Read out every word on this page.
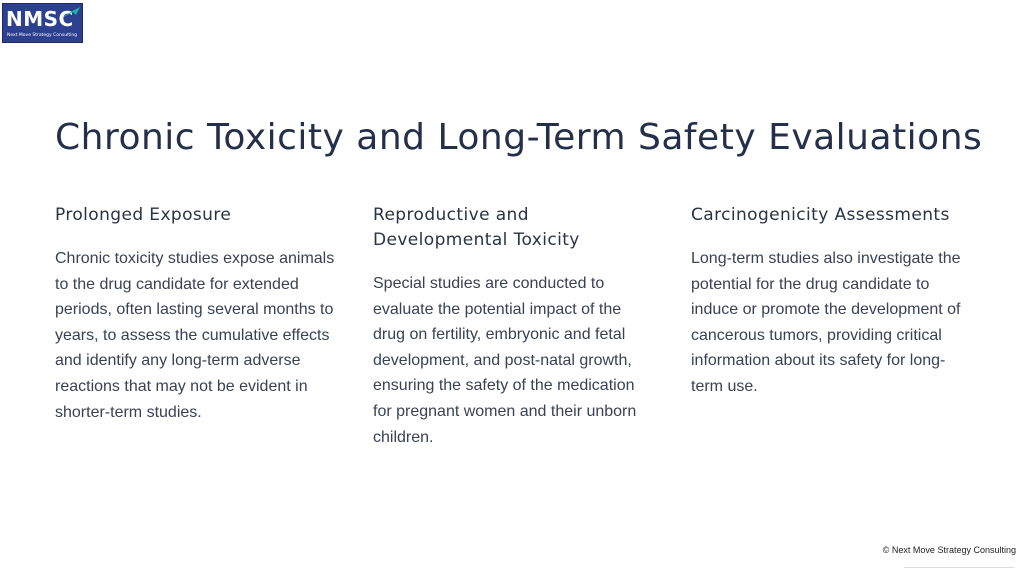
NMSC
Next Move Strategy Consulting
Chronic Toxicity and Long-Term Safety Evaluations
Prolonged Exposure

Chronic toxicity studies expose animals to the drug candidate for extended periods, often lasting several months to years, to assess the cumulative effects and identify any long-term adverse reactions that may not be evident in shorter-term studies.

Reproductive and Developmental Toxicity

Special studies are conducted to evaluate the potential impact of the drug on fertility, embryonic and fetal development, and post-natal growth, ensuring the safety of the medication for pregnant women and their unborn children.

Carcinogenicity Assessments

Long-term studies also investigate the potential for the drug candidate to induce or promote the development of cancerous tumors, providing critical information about its safety for long-term use.

© Next Move Strategy Consulting
